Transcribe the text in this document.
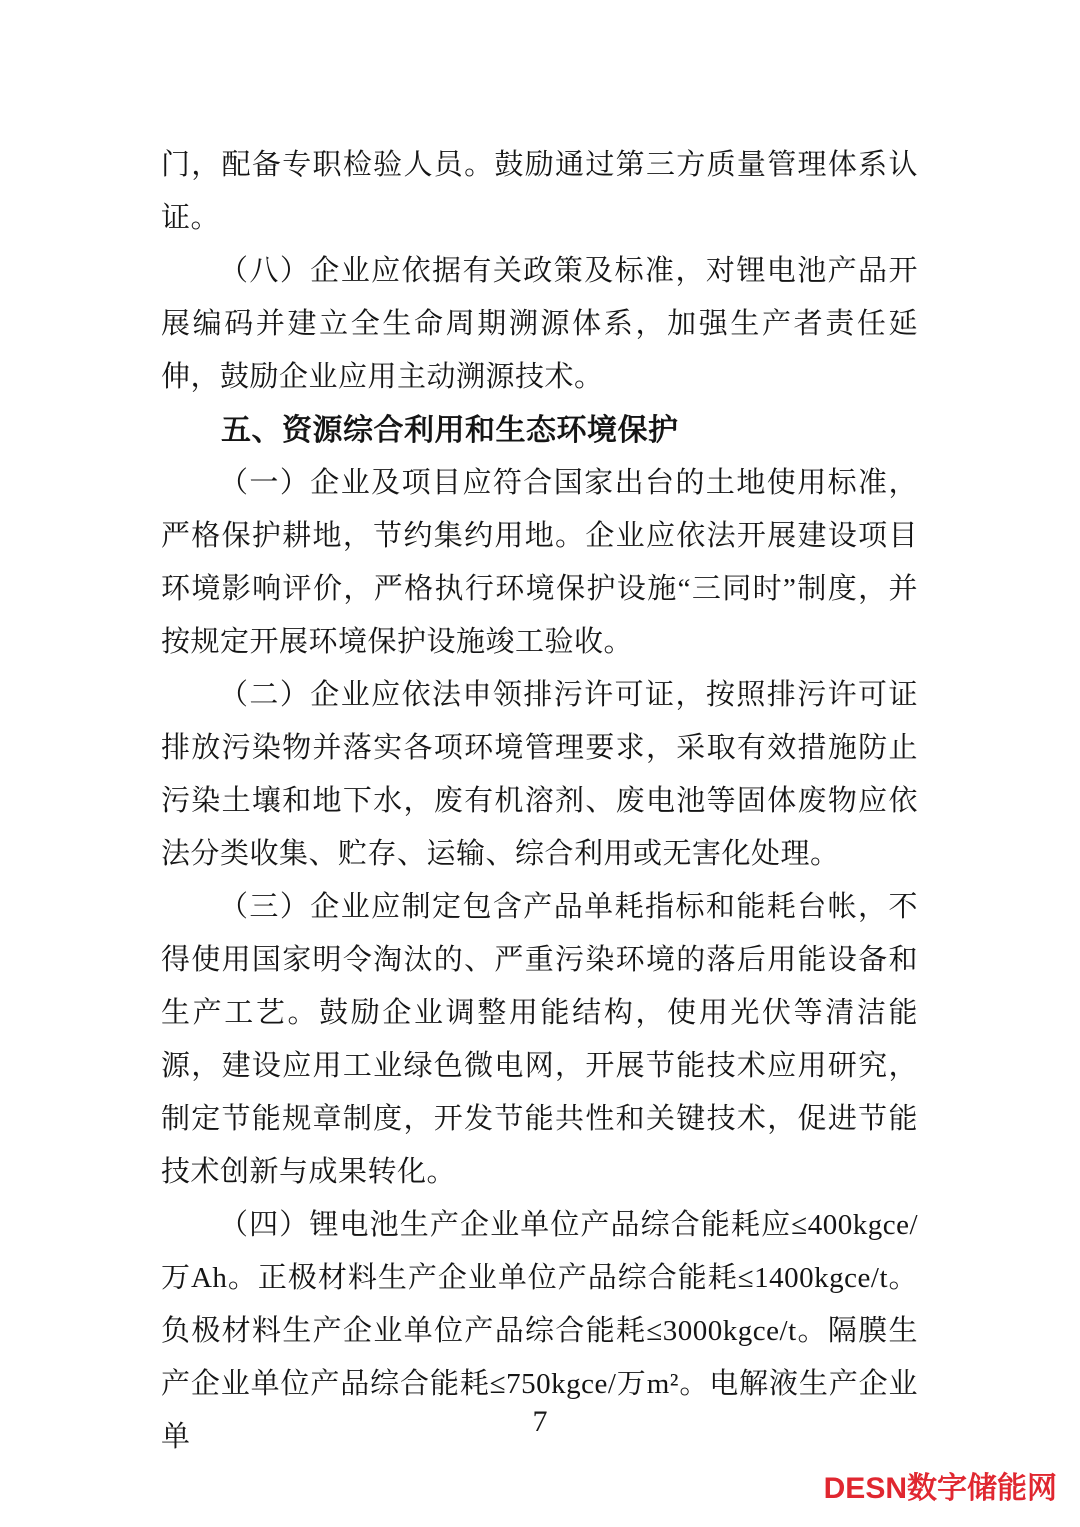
门，配备专职检验人员。鼓励通过第三方质量管理体系认证。

（八）企业应依据有关政策及标准，对锂电池产品开展编码并建立全生命周期溯源体系，加强生产者责任延伸，鼓励企业应用主动溯源技术。

五、资源综合利用和生态环境保护

（一）企业及项目应符合国家出台的土地使用标准，严格保护耕地，节约集约用地。企业应依法开展建设项目环境影响评价，严格执行环境保护设施“三同时”制度，并按规定开展环境保护设施竣工验收。

（二）企业应依法申领排污许可证，按照排污许可证排放污染物并落实各项环境管理要求，采取有效措施防止污染土壤和地下水，废有机溶剂、废电池等固体废物应依法分类收集、贮存、运输、综合利用或无害化处理。

（三）企业应制定包含产品单耗指标和能耗台帐，不得使用国家明令淘汰的、严重污染环境的落后用能设备和生产工艺。鼓励企业调整用能结构，使用光伏等清洁能源，建设应用工业绿色微电网，开展节能技术应用研究，制定节能规章制度，开发节能共性和关键技术，促进节能技术创新与成果转化。

（四）锂电池生产企业单位产品综合能耗应≤400kgce/万Ah。正极材料生产企业单位产品综合能耗≤1400kgce/t。负极材料生产企业单位产品综合能耗≤3000kgce/t。隔膜生产企业单位产品综合能耗≤750kgce/万m²。电解液生产企业单	7
DESN数字储能网
